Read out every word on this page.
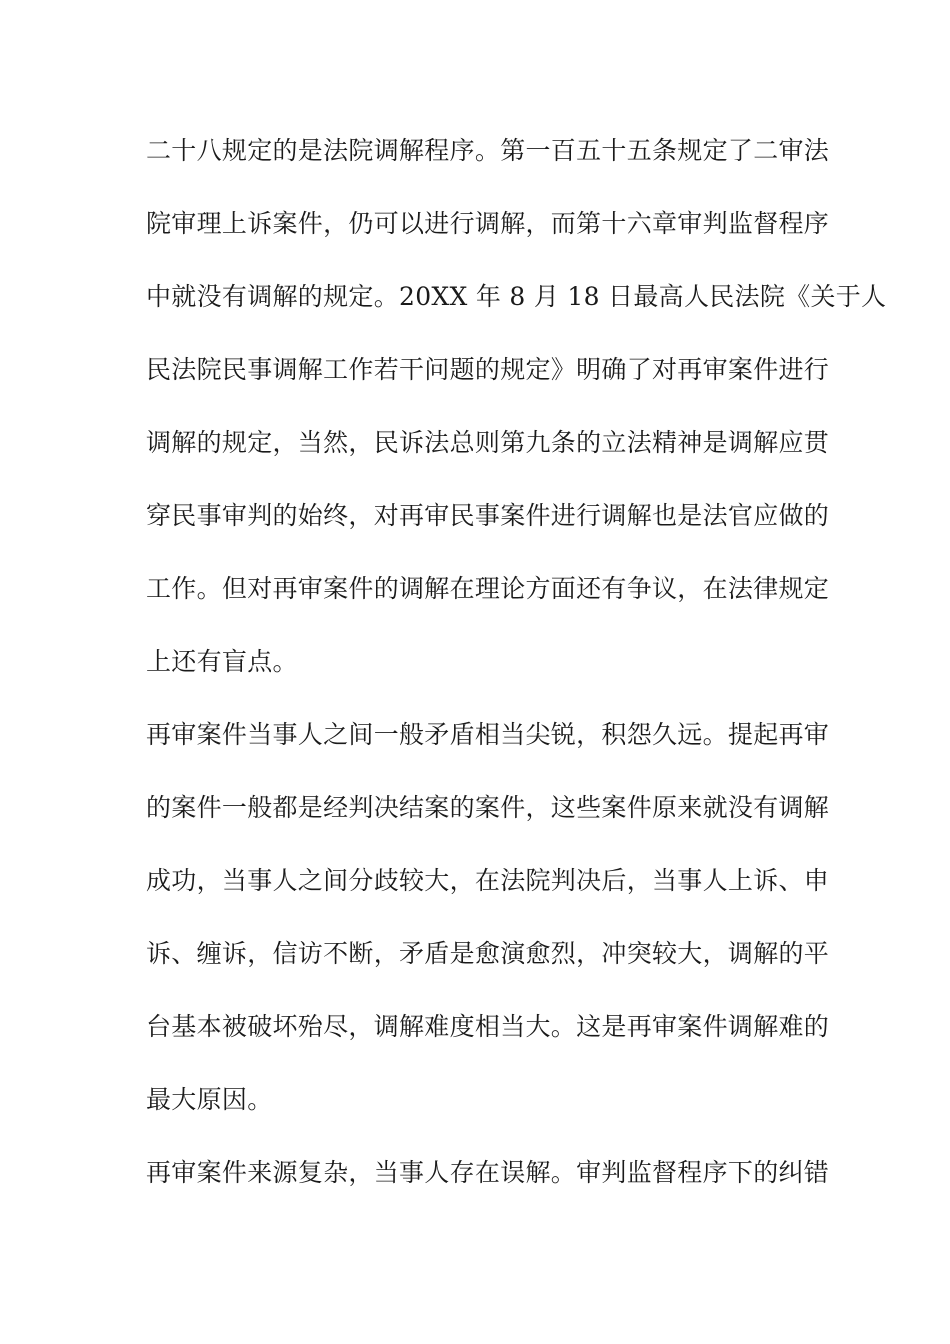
二十八规定的是法院调解程序。第一百五十五条规定了二审法
院审理上诉案件，仍可以进行调解，而第十六章审判监督程序
中就没有调解的规定。20XX 年 8 月 18 日最高人民法院《关于人
民法院民事调解工作若干问题的规定》明确了对再审案件进行
调解的规定，当然，民诉法总则第九条的立法精神是调解应贯
穿民事审判的始终，对再审民事案件进行调解也是法官应做的
工作。但对再审案件的调解在理论方面还有争议，在法律规定
上还有盲点。
再审案件当事人之间一般矛盾相当尖锐，积怨久远。提起再审
的案件一般都是经判决结案的案件，这些案件原来就没有调解
成功，当事人之间分歧较大，在法院判决后，当事人上诉、申
诉、缠诉，信访不断，矛盾是愈演愈烈，冲突较大，调解的平
台基本被破坏殆尽，调解难度相当大。这是再审案件调解难的
最大原因。
再审案件来源复杂，当事人存在误解。审判监督程序下的纠错
